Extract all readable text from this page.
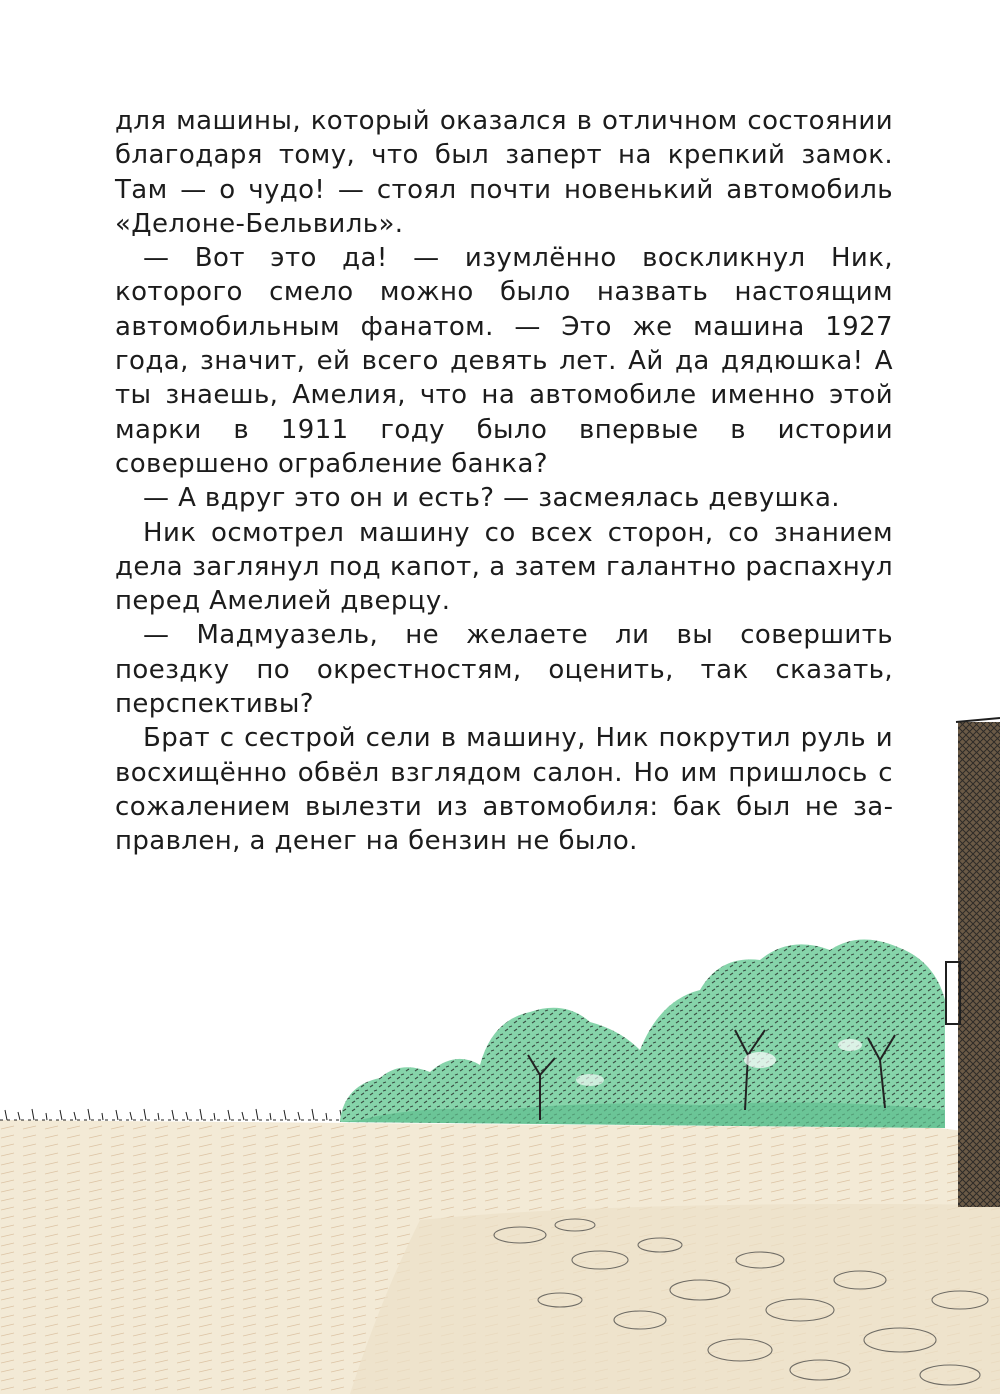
для машины, который оказался в отличном состоянии благодаря тому, что был заперт на крепкий замок. Там — о чудо! — стоял почти новенький автомобиль «Делоне-Бельвиль».

— Вот это да! — изумлённо воскликнул Ник, которого смело можно было назвать настоящим автомобильным фанатом. — Это же машина 1927 года, значит, ей всего девять лет. Ай да дядюшка! А ты знаешь, Амелия, что на автомобиле именно этой марки в 1911 году было впервые в истории совершено ограбление банка?

— А вдруг это он и есть? — засмеялась девушка.

Ник осмотрел машину со всех сторон, со знанием дела заглянул под капот, а затем галантно распахнул перед Амелией дверцу.

— Мадмуазель, не желаете ли вы совершить поездку по окрестностям, оценить, так сказать, перспективы?

Брат с сестрой сели в машину, Ник покрутил руль и восхищённо обвёл взглядом салон. Но им пришлось с сожалением вылезти из автомобиля: бак был не заправлен, а денег на бензин не было.
